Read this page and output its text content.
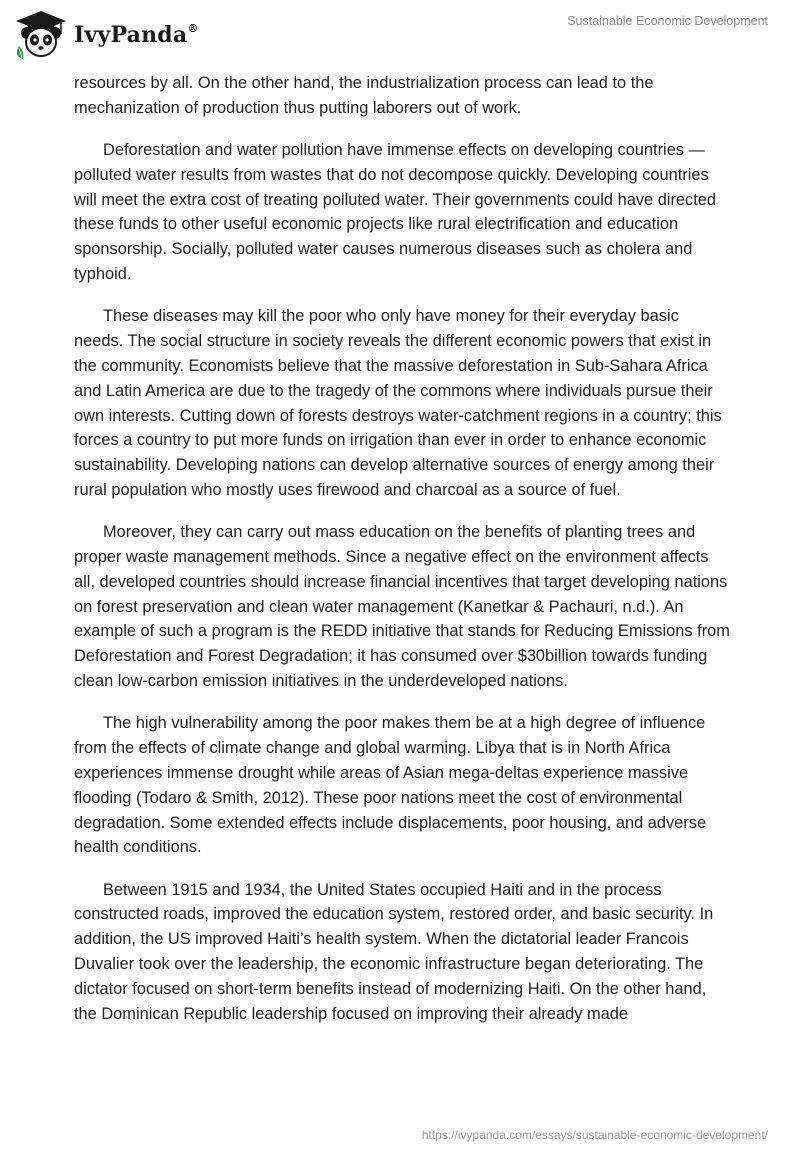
IvyPanda®
Sustainable Economic Development

resources by all. On the other hand, the industrialization process can lead to the mechanization of production thus putting laborers out of work.

Deforestation and water pollution have immense effects on developing countries — polluted water results from wastes that do not decompose quickly. Developing countries will meet the extra cost of treating polluted water. Their governments could have directed these funds to other useful economic projects like rural electrification and education sponsorship. Socially, polluted water causes numerous diseases such as cholera and typhoid.

These diseases may kill the poor who only have money for their everyday basic needs. The social structure in society reveals the different economic powers that exist in the community. Economists believe that the massive deforestation in Sub-Sahara Africa and Latin America are due to the tragedy of the commons where individuals pursue their own interests. Cutting down of forests destroys water-catchment regions in a country; this forces a country to put more funds on irrigation than ever in order to enhance economic sustainability. Developing nations can develop alternative sources of energy among their rural population who mostly uses firewood and charcoal as a source of fuel.

Moreover, they can carry out mass education on the benefits of planting trees and proper waste management methods. Since a negative effect on the environment affects all, developed countries should increase financial incentives that target developing nations on forest preservation and clean water management (Kanetkar & Pachauri, n.d.). An example of such a program is the REDD initiative that stands for Reducing Emissions from Deforestation and Forest Degradation; it has consumed over $30billion towards funding clean low-carbon emission initiatives in the underdeveloped nations.

The high vulnerability among the poor makes them be at a high degree of influence from the effects of climate change and global warming. Libya that is in North Africa experiences immense drought while areas of Asian mega-deltas experience massive flooding (Todaro & Smith, 2012). These poor nations meet the cost of environmental degradation. Some extended effects include displacements, poor housing, and adverse health conditions.

Between 1915 and 1934, the United States occupied Haiti and in the process constructed roads, improved the education system, restored order, and basic security. In addition, the US improved Haiti’s health system. When the dictatorial leader Francois Duvalier took over the leadership, the economic infrastructure began deteriorating. The dictator focused on short-term benefits instead of modernizing Haiti. On the other hand, the Dominican Republic leadership focused on improving their already made

https://ivypanda.com/essays/sustainable-economic-development/
